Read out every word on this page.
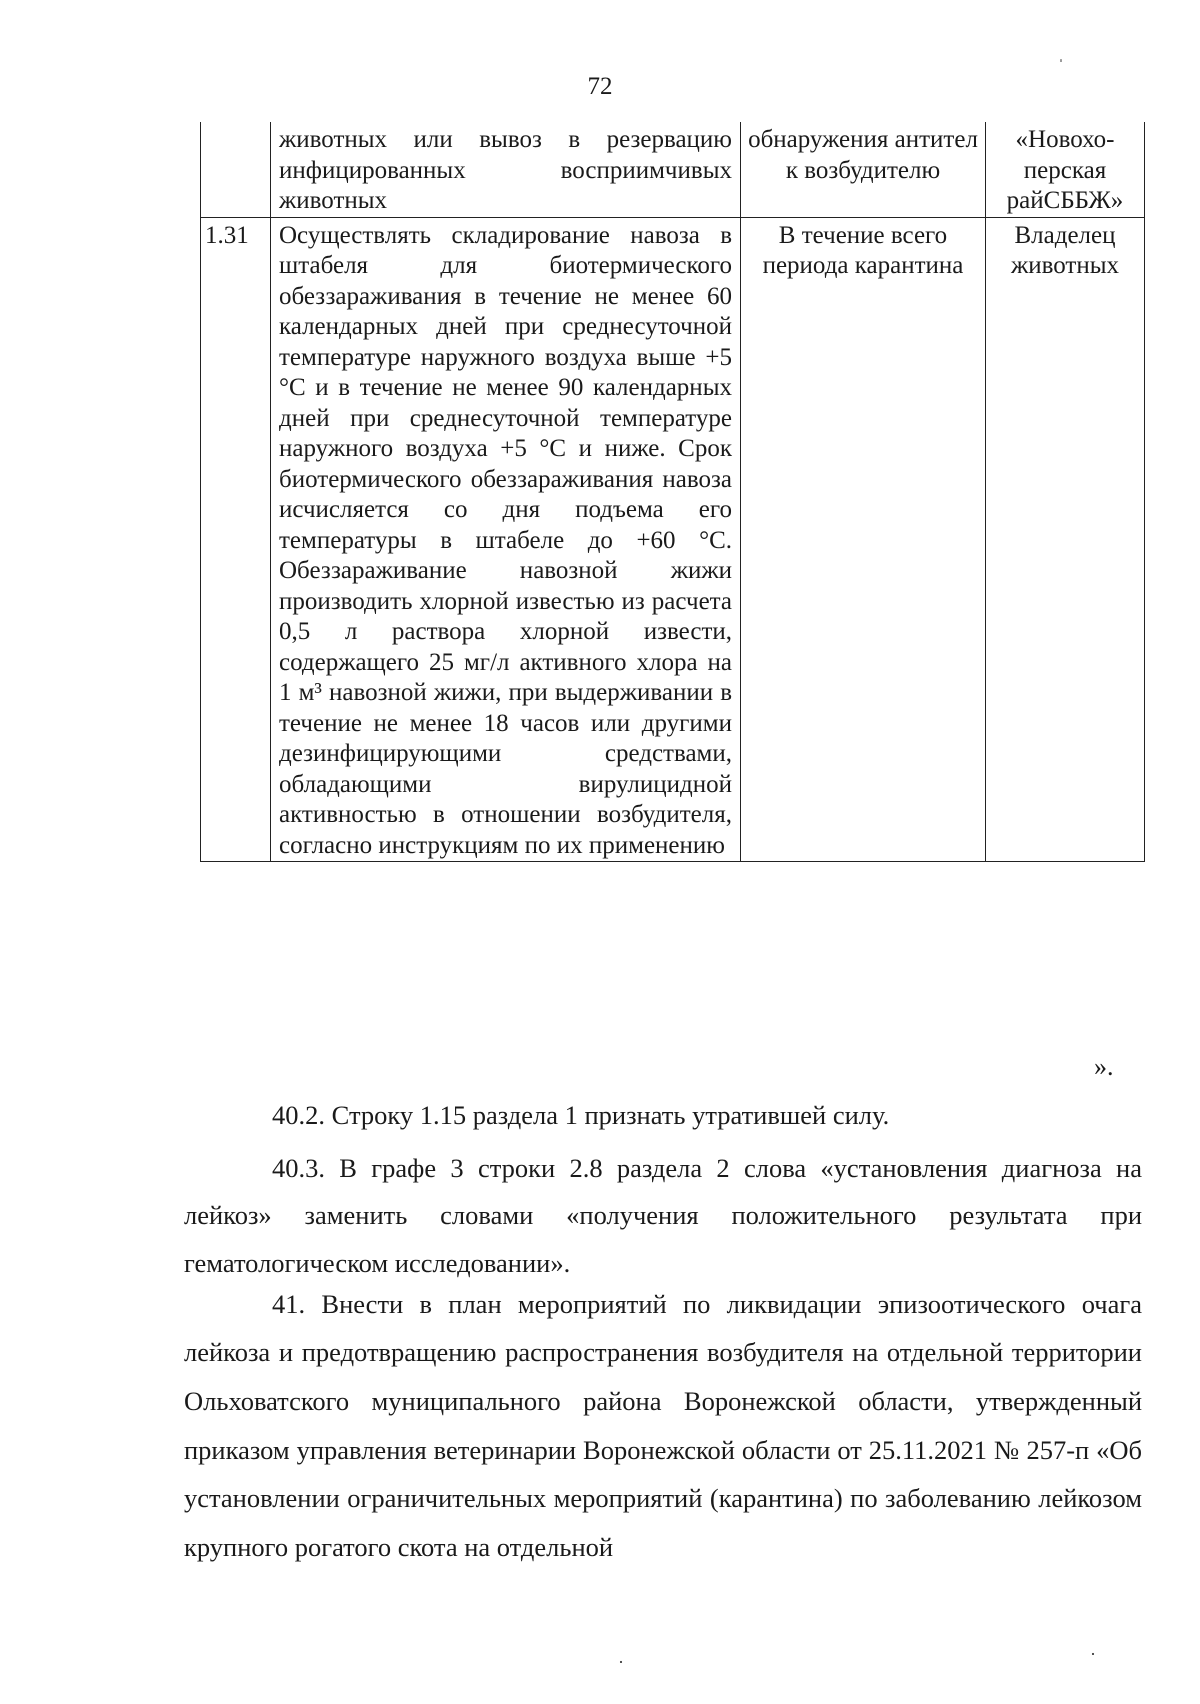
72
ˌ
	животных или вывоз в резервацию инфицированных восприимчивых животных	обнаружения антител к возбудителю	«Новохо-перская райСББЖ»
1.31	Осуществлять складирование навоза в штабеля для биотермического обеззараживания в течение не менее 60 календарных дней при среднесуточной температуре наружного воздуха выше +5 °С и в течение не менее 90 календарных дней при среднесуточной температуре наружного воздуха +5 °С и ниже. Срок биотермического обеззараживания навоза исчисляется со дня подъема его температуры в штабеле до +60 °С. Обеззараживание навозной жижи производить хлорной известью из расчета 0,5 л раствора хлорной извести, содержащего 25 мг/л активного хлора на 1 м³ навозной жижи, при выдерживании в течение не менее 18 часов или другими дезинфицирующими средствами, обладающими вирулицидной активностью в отношении возбудителя, согласно инструкциям по их применению	В течение всего периода карантина	Владелец животных
».

40.2. Строку 1.15 раздела 1 признать утратившей силу.

40.3. В графе 3 строки 2.8 раздела 2 слова «установления диагноза на лейкоз» заменить словами «получения положительного результата при гематологическом исследовании».

41. Внести в план мероприятий по ликвидации эпизоотического очага лейкоза и предотвращению распространения возбудителя на отдельной территории Ольховатского муниципального района Воронежской области, утвержденный приказом управления ветеринарии Воронежской области от 25.11.2021 № 257-п «Об установлении ограничительных мероприятий (карантина) по заболеванию лейкозом крупного рогатого скота на отдельной

·	·
